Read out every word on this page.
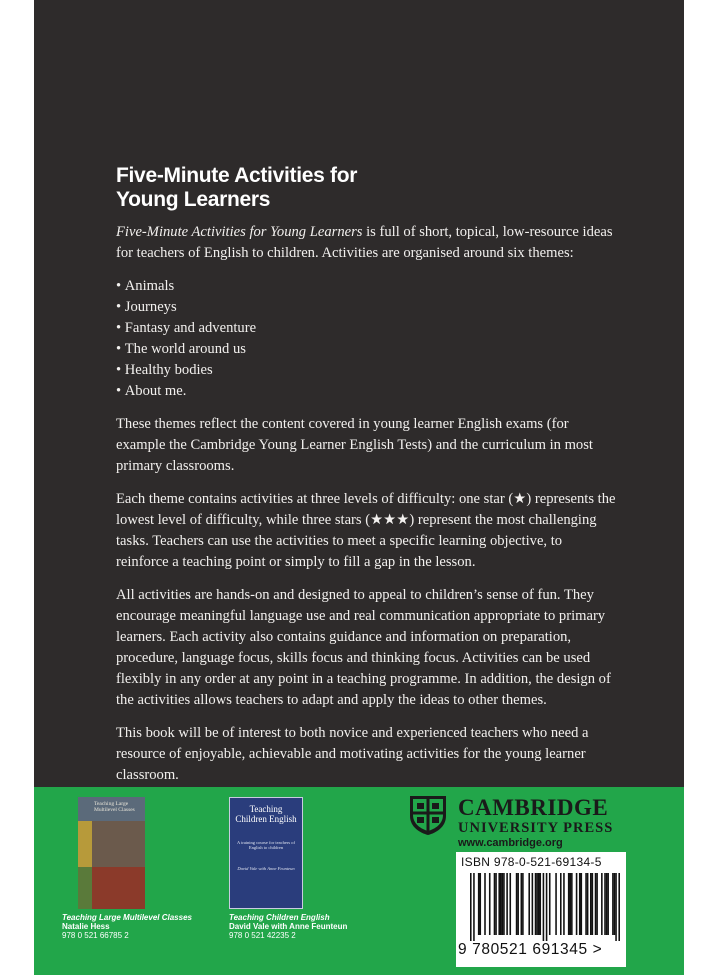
Five-Minute Activities for
Young Learners

Five-Minute Activities for Young Learners is full of short, topical, low-resource ideas for teachers of English to children. Activities are organised around six themes:

• Animals
• Journeys
• Fantasy and adventure
• The world around us
• Healthy bodies
• About me.

These themes reflect the content covered in young learner English exams (for example the Cambridge Young Learner English Tests) and the curriculum in most primary classrooms.

Each theme contains activities at three levels of difficulty: one star (★) represents the lowest level of difficulty, while three stars (★★★) represent the most challenging tasks. Teachers can use the activities to meet a specific learning objective, to reinforce a teaching point or simply to fill a gap in the lesson.

All activities are hands-on and designed to appeal to children’s sense of fun. They encourage meaningful language use and real communication appropriate to primary learners. Each activity also contains guidance and information on preparation, procedure, language focus, skills focus and thinking focus. Activities can be used flexibly in any order at any point in a teaching programme. In addition, the design of the activities allows teachers to adapt and apply the ideas to other themes.

This book will be of interest to both novice and experienced teachers who need a resource of enjoyable, achievable and motivating activities for the young learner classroom.

Teaching Large Multilevel Classes	Teaching Children English
A training course for teachers of English to children
David Vale with Anne Feunteun
Teaching Large Multilevel Classes
Natalie Hess
978 0 521 66785 2
Teaching Children English
David Vale with Anne Feunteun
978 0 521 42235 2
CAMBRIDGE
UNIVERSITY PRESS
www.cambridge.org
ISBN 978-0-521-69134-5
9 780521 691345 >
